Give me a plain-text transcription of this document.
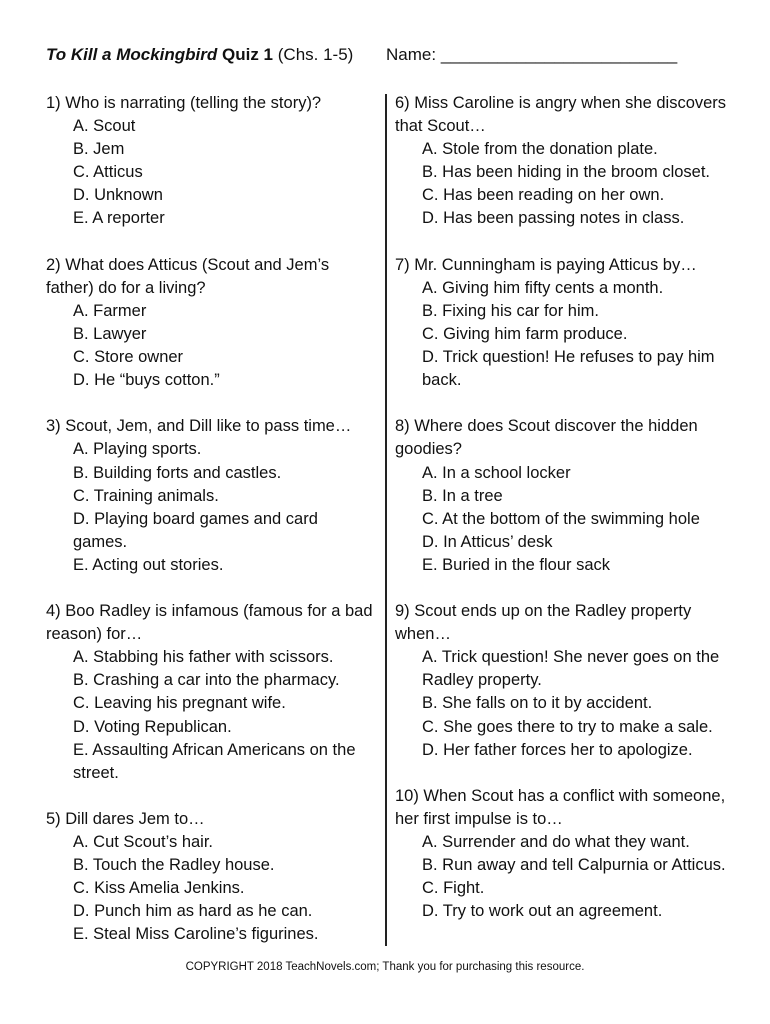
To Kill a Mockingbird Quiz 1 (Chs. 1-5) Name: _________________________
1) Who is narrating (telling the story)?
A. Scout
B. Jem
C. Atticus
D. Unknown
E. A reporter
2) What does Atticus (Scout and Jem’s father) do for a living?
A. Farmer
B. Lawyer
C. Store owner
D. He “buys cotton.”
3) Scout, Jem, and Dill like to pass time…
A. Playing sports.
B. Building forts and castles.
C. Training animals.
D. Playing board games and card games.
E. Acting out stories.
4) Boo Radley is infamous (famous for a bad reason) for…
A. Stabbing his father with scissors.
B. Crashing a car into the pharmacy.
C. Leaving his pregnant wife.
D. Voting Republican.
E. Assaulting African Americans on the street.
5) Dill dares Jem to…
A. Cut Scout’s hair.
B. Touch the Radley house.
C. Kiss Amelia Jenkins.
D. Punch him as hard as he can.
E. Steal Miss Caroline’s figurines.
6) Miss Caroline is angry when she discovers that Scout…
A. Stole from the donation plate.
B. Has been hiding in the broom closet.
C. Has been reading on her own.
D. Has been passing notes in class.
7) Mr. Cunningham is paying Atticus by…
A. Giving him fifty cents a month.
B. Fixing his car for him.
C. Giving him farm produce.
D. Trick question! He refuses to pay him back.
8) Where does Scout discover the hidden goodies?
A. In a school locker
B. In a tree
C. At the bottom of the swimming hole
D. In Atticus’ desk
E. Buried in the flour sack
9) Scout ends up on the Radley property when…
A. Trick question! She never goes on the Radley property.
B. She falls on to it by accident.
C. She goes there to try to make a sale.
D. Her father forces her to apologize.
10) When Scout has a conflict with someone, her first impulse is to…
A. Surrender and do what they want.
B. Run away and tell Calpurnia or Atticus.
C. Fight.
D. Try to work out an agreement.
COPYRIGHT 2018 TeachNovels.com; Thank you for purchasing this resource.
